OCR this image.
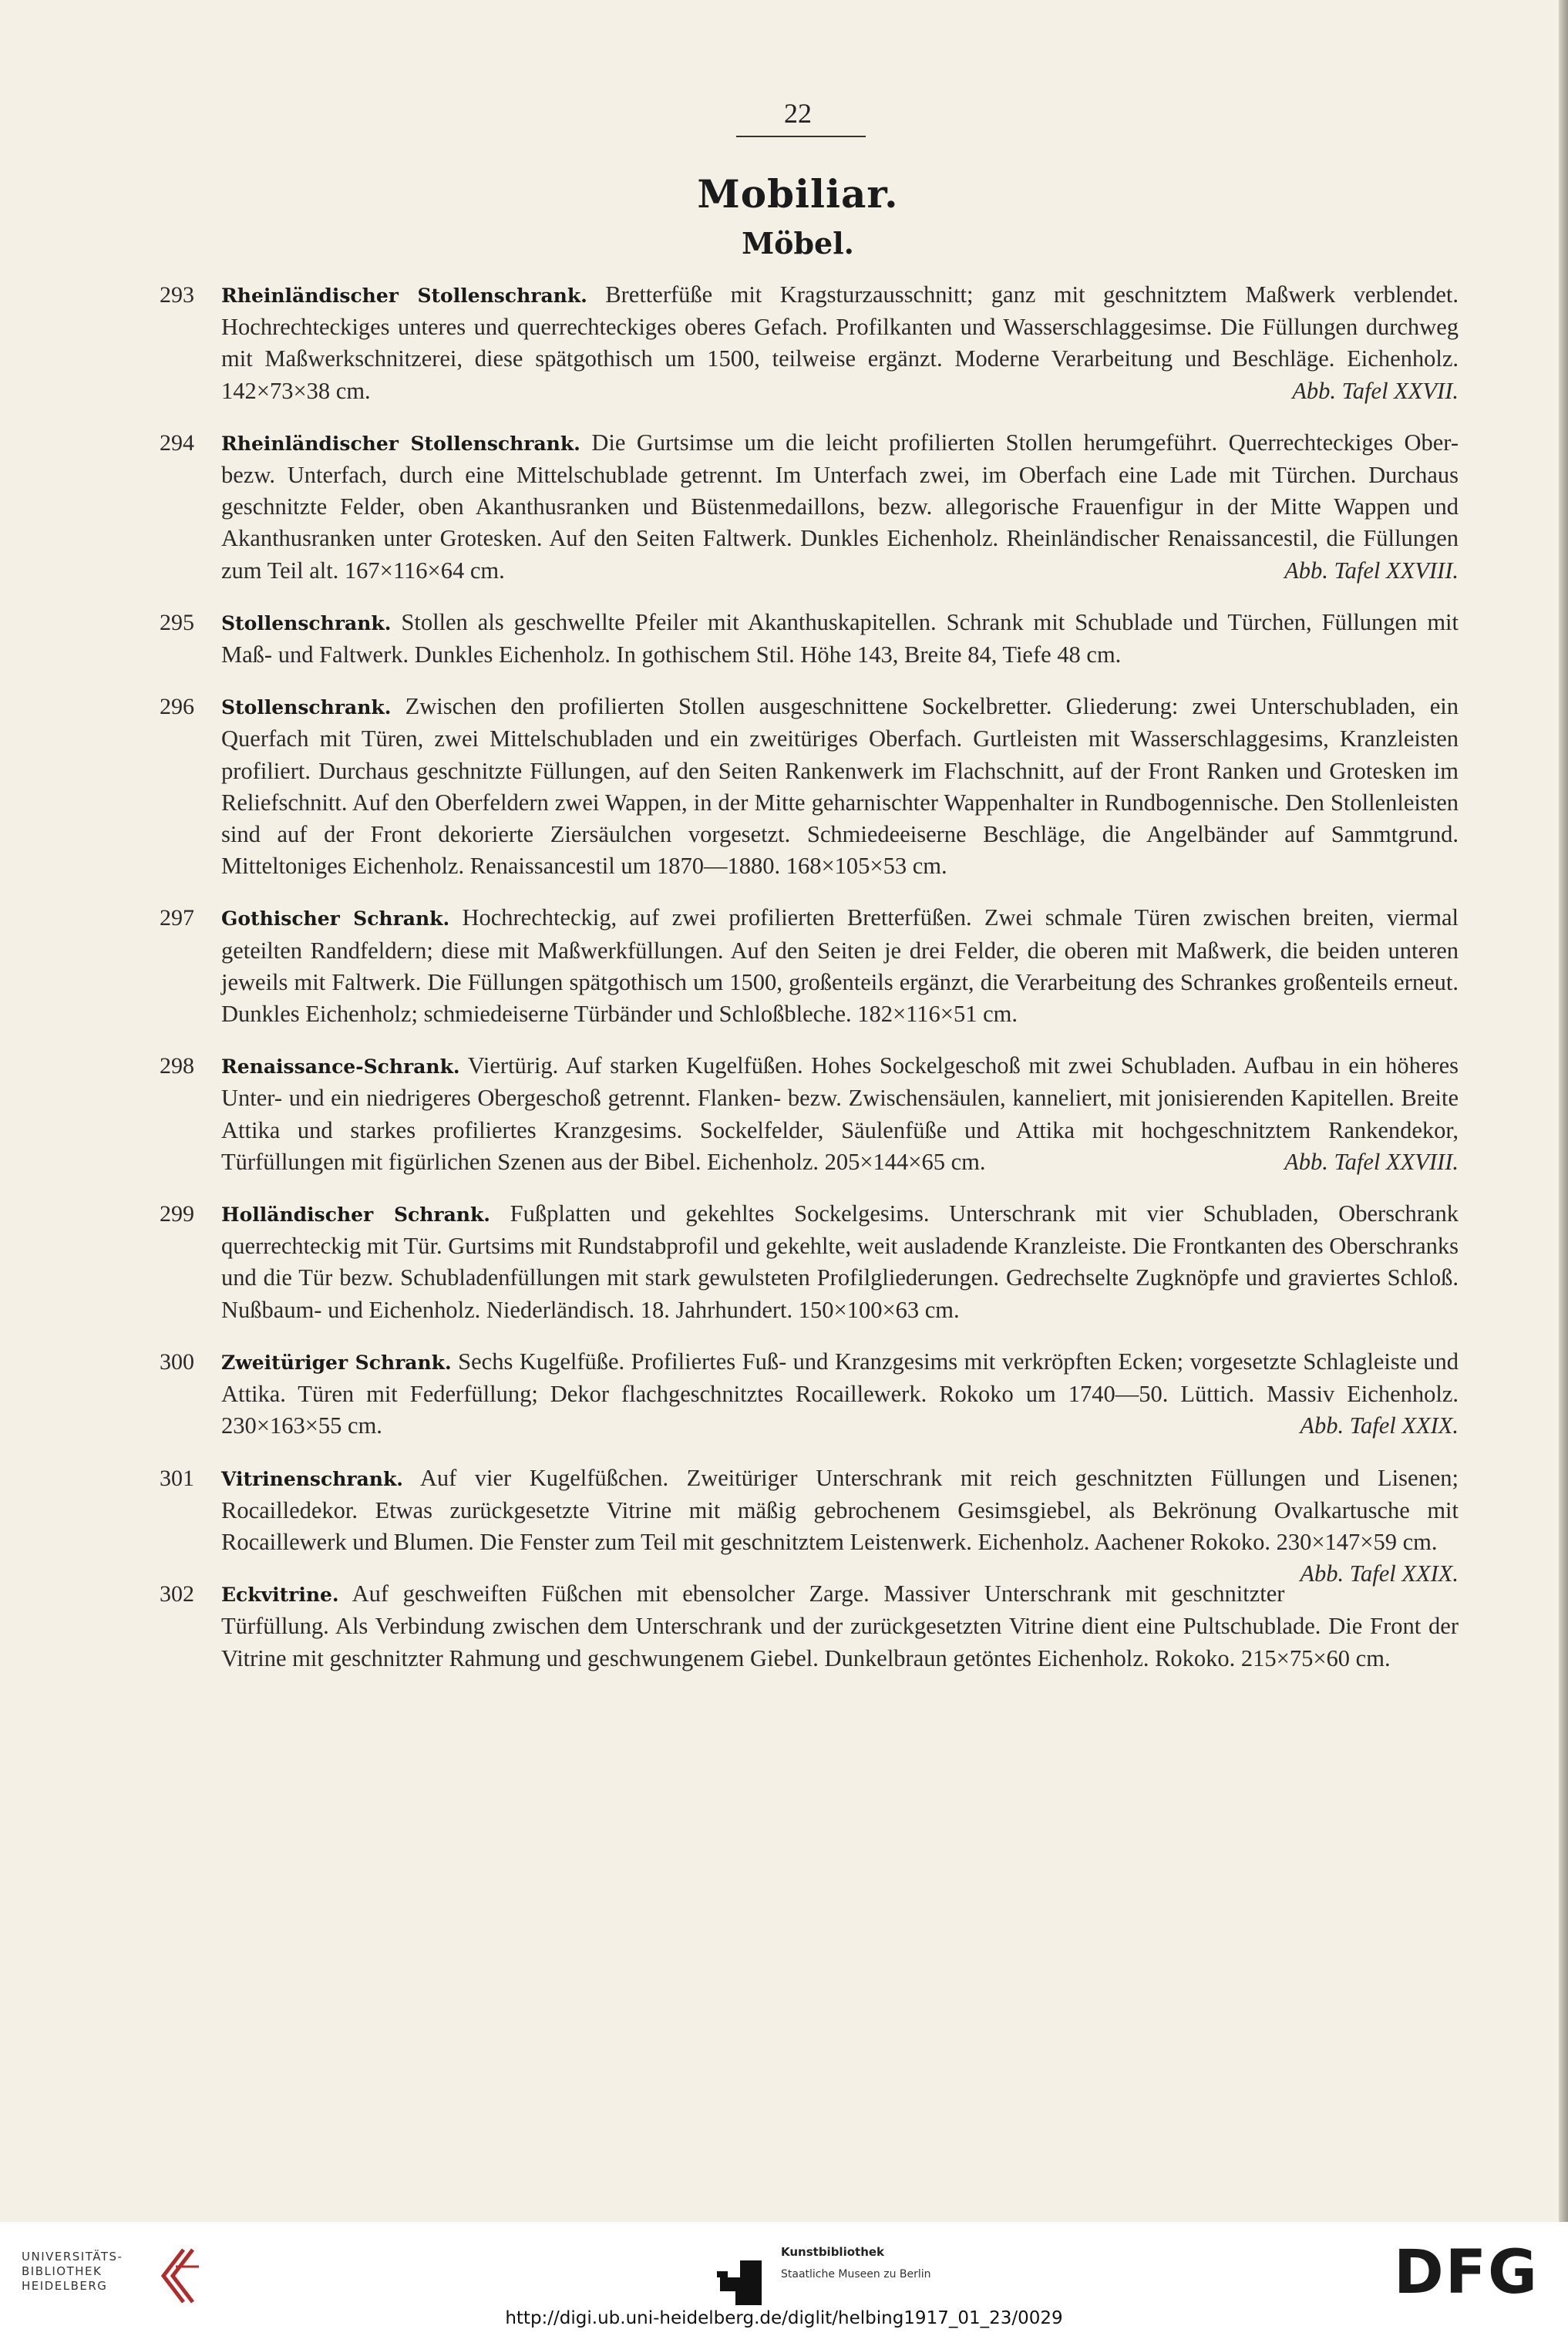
22
Mobiliar.
Möbel.
293 Rheinländischer Stollenschrank. Bretterfüße mit Kragsturzausschnitt; ganz mit geschnitztem Maßwerk verblendet. Hochrechteckiges unteres und querrechteckiges oberes Gefach. Profilkanten und Wasserschlaggesimse. Die Füllungen durchweg mit Maßwerkschnitzerei, diese spätgothisch um 1500, teilweise ergänzt. Moderne Verarbeitung und Beschläge. Eichenholz. 142×73×38 cm.	Abb. Tafel XXVII.
294 Rheinländischer Stollenschrank. Die Gurtsimse um die leicht profilierten Stollen herumgeführt. Querrechteckiges Ober- bezw. Unterfach, durch eine Mittelschublade getrennt. Im Unterfach zwei, im Oberfach eine Lade mit Türchen. Durchaus geschnitzte Felder, oben Akanthusranken und Büstenmedaillons, bezw. allegorische Frauenfigur in der Mitte Wappen und Akanthusranken unter Grotesken. Auf den Seiten Faltwerk. Dunkles Eichenholz. Rheinländischer Renaissancestil, die Füllungen zum Teil alt. 167×116×64 cm.	Abb. Tafel XXVIII.
295 Stollenschrank. Stollen als geschwellte Pfeiler mit Akanthuskapitellen. Schrank mit Schublade und Türchen, Füllungen mit Maß- und Faltwerk. Dunkles Eichenholz. In gothischem Stil. Höhe 143, Breite 84, Tiefe 48 cm.
296 Stollenschrank. Zwischen den profilierten Stollen ausgeschnittene Sockelbretter. Gliederung: zwei Unterschubladen, ein Querfach mit Türen, zwei Mittelschubladen und ein zweitüriges Oberfach. Gurtleisten mit Wasserschlaggesims, Kranzleisten profiliert. Durchaus geschnitzte Füllungen, auf den Seiten Rankenwerk im Flachschnitt, auf der Front Ranken und Grotesken im Reliefschnitt. Auf den Oberfeldern zwei Wappen, in der Mitte geharnischter Wappenhalter in Rundbogennische. Den Stollenleisten sind auf der Front dekorierte Ziersäulchen vorgesetzt. Schmiedeeiserne Beschläge, die Angelbänder auf Sammtgrund. Mitteltoniges Eichenholz. Renaissancestil um 1870—1880. 168×105×53 cm.
297 Gothischer Schrank. Hochrechteckig, auf zwei profilierten Bretterfüßen. Zwei schmale Türen zwischen breiten, viermal geteilten Randfeldern; diese mit Maßwerkfüllungen. Auf den Seiten je drei Felder, die oberen mit Maßwerk, die beiden unteren jeweils mit Faltwerk. Die Füllungen spätgothisch um 1500, großenteils ergänzt, die Verarbeitung des Schrankes großenteils erneut. Dunkles Eichenholz; schmiedeiserne Türbänder und Schloßbleche. 182×116×51 cm.
298 Renaissance-Schrank. Viertürig. Auf starken Kugelfüßen. Hohes Sockelgeschoß mit zwei Schubladen. Aufbau in ein höheres Unter- und ein niedrigeres Obergeschoß getrennt. Flanken- bezw. Zwischensäulen, kanneliert, mit jonisierenden Kapitellen. Breite Attika und starkes profiliertes Kranzgesims. Sockelfelder, Säulenfüße und Attika mit hochgeschnitztem Rankendekor, Türfüllungen mit figürlichen Szenen aus der Bibel. Eichenholz. 205×144×65 cm.	Abb. Tafel XXVIII.
299 Holländischer Schrank. Fußplatten und gekehltes Sockelgesims. Unterschrank mit vier Schubladen, Oberschrank querrechteckig mit Tür. Gurtsims mit Rundstabprofil und gekehlte, weit ausladende Kranzleiste. Die Frontkanten des Oberschranks und die Tür bezw. Schubladenfüllungen mit stark gewulsteten Profilgliederungen. Gedrechselte Zugknöpfe und graviertes Schloß. Nußbaum- und Eichenholz. Niederländisch. 18. Jahrhundert. 150×100×63 cm.
300 Zweitüriger Schrank. Sechs Kugelfüße. Profiliertes Fuß- und Kranzgesims mit verkröpften Ecken; vorgesetzte Schlagleiste und Attika. Türen mit Federfüllung; Dekor flachgeschnitztes Rocaillewerk. Rokoko um 1740—50. Lüttich. Massiv Eichenholz. 230×163×55 cm.	Abb. Tafel XXIX.
301 Vitrinenschrank. Auf vier Kugelfüßchen. Zweitüriger Unterschrank mit reich geschnitzten Füllungen und Lisenen; Rocailledekor. Etwas zurückgesetzte Vitrine mit mäßig gebrochenem Gesimsgiebel, als Bekrönung Ovalkartusche mit Rocaillewerk und Blumen. Die Fenster zum Teil mit geschnitztem Leistenwerk. Eichenholz. Aachener Rokoko. 230×147×59 cm.
Abb. Tafel XXIX.
302 Eckvitrine. Auf geschweiften Füßchen mit ebensolcher Zarge. Massiver Unterschrank mit geschnitzter Türfüllung. Als Verbindung zwischen dem Unterschrank und der zurückgesetzten Vitrine dient eine Pultschublade. Die Front der Vitrine mit geschnitzter Rahmung und geschwungenem Giebel. Dunkelbraun getöntes Eichenholz. Rokoko. 215×75×60 cm.
UNIVERSITÄTS-
BIBLIOTHEK
HEIDELBERG
Kunstbibliothek
Staatliche Museen zu Berlin	DFG
http://digi.ub.uni-heidelberg.de/diglit/helbing1917_01_23/0029
